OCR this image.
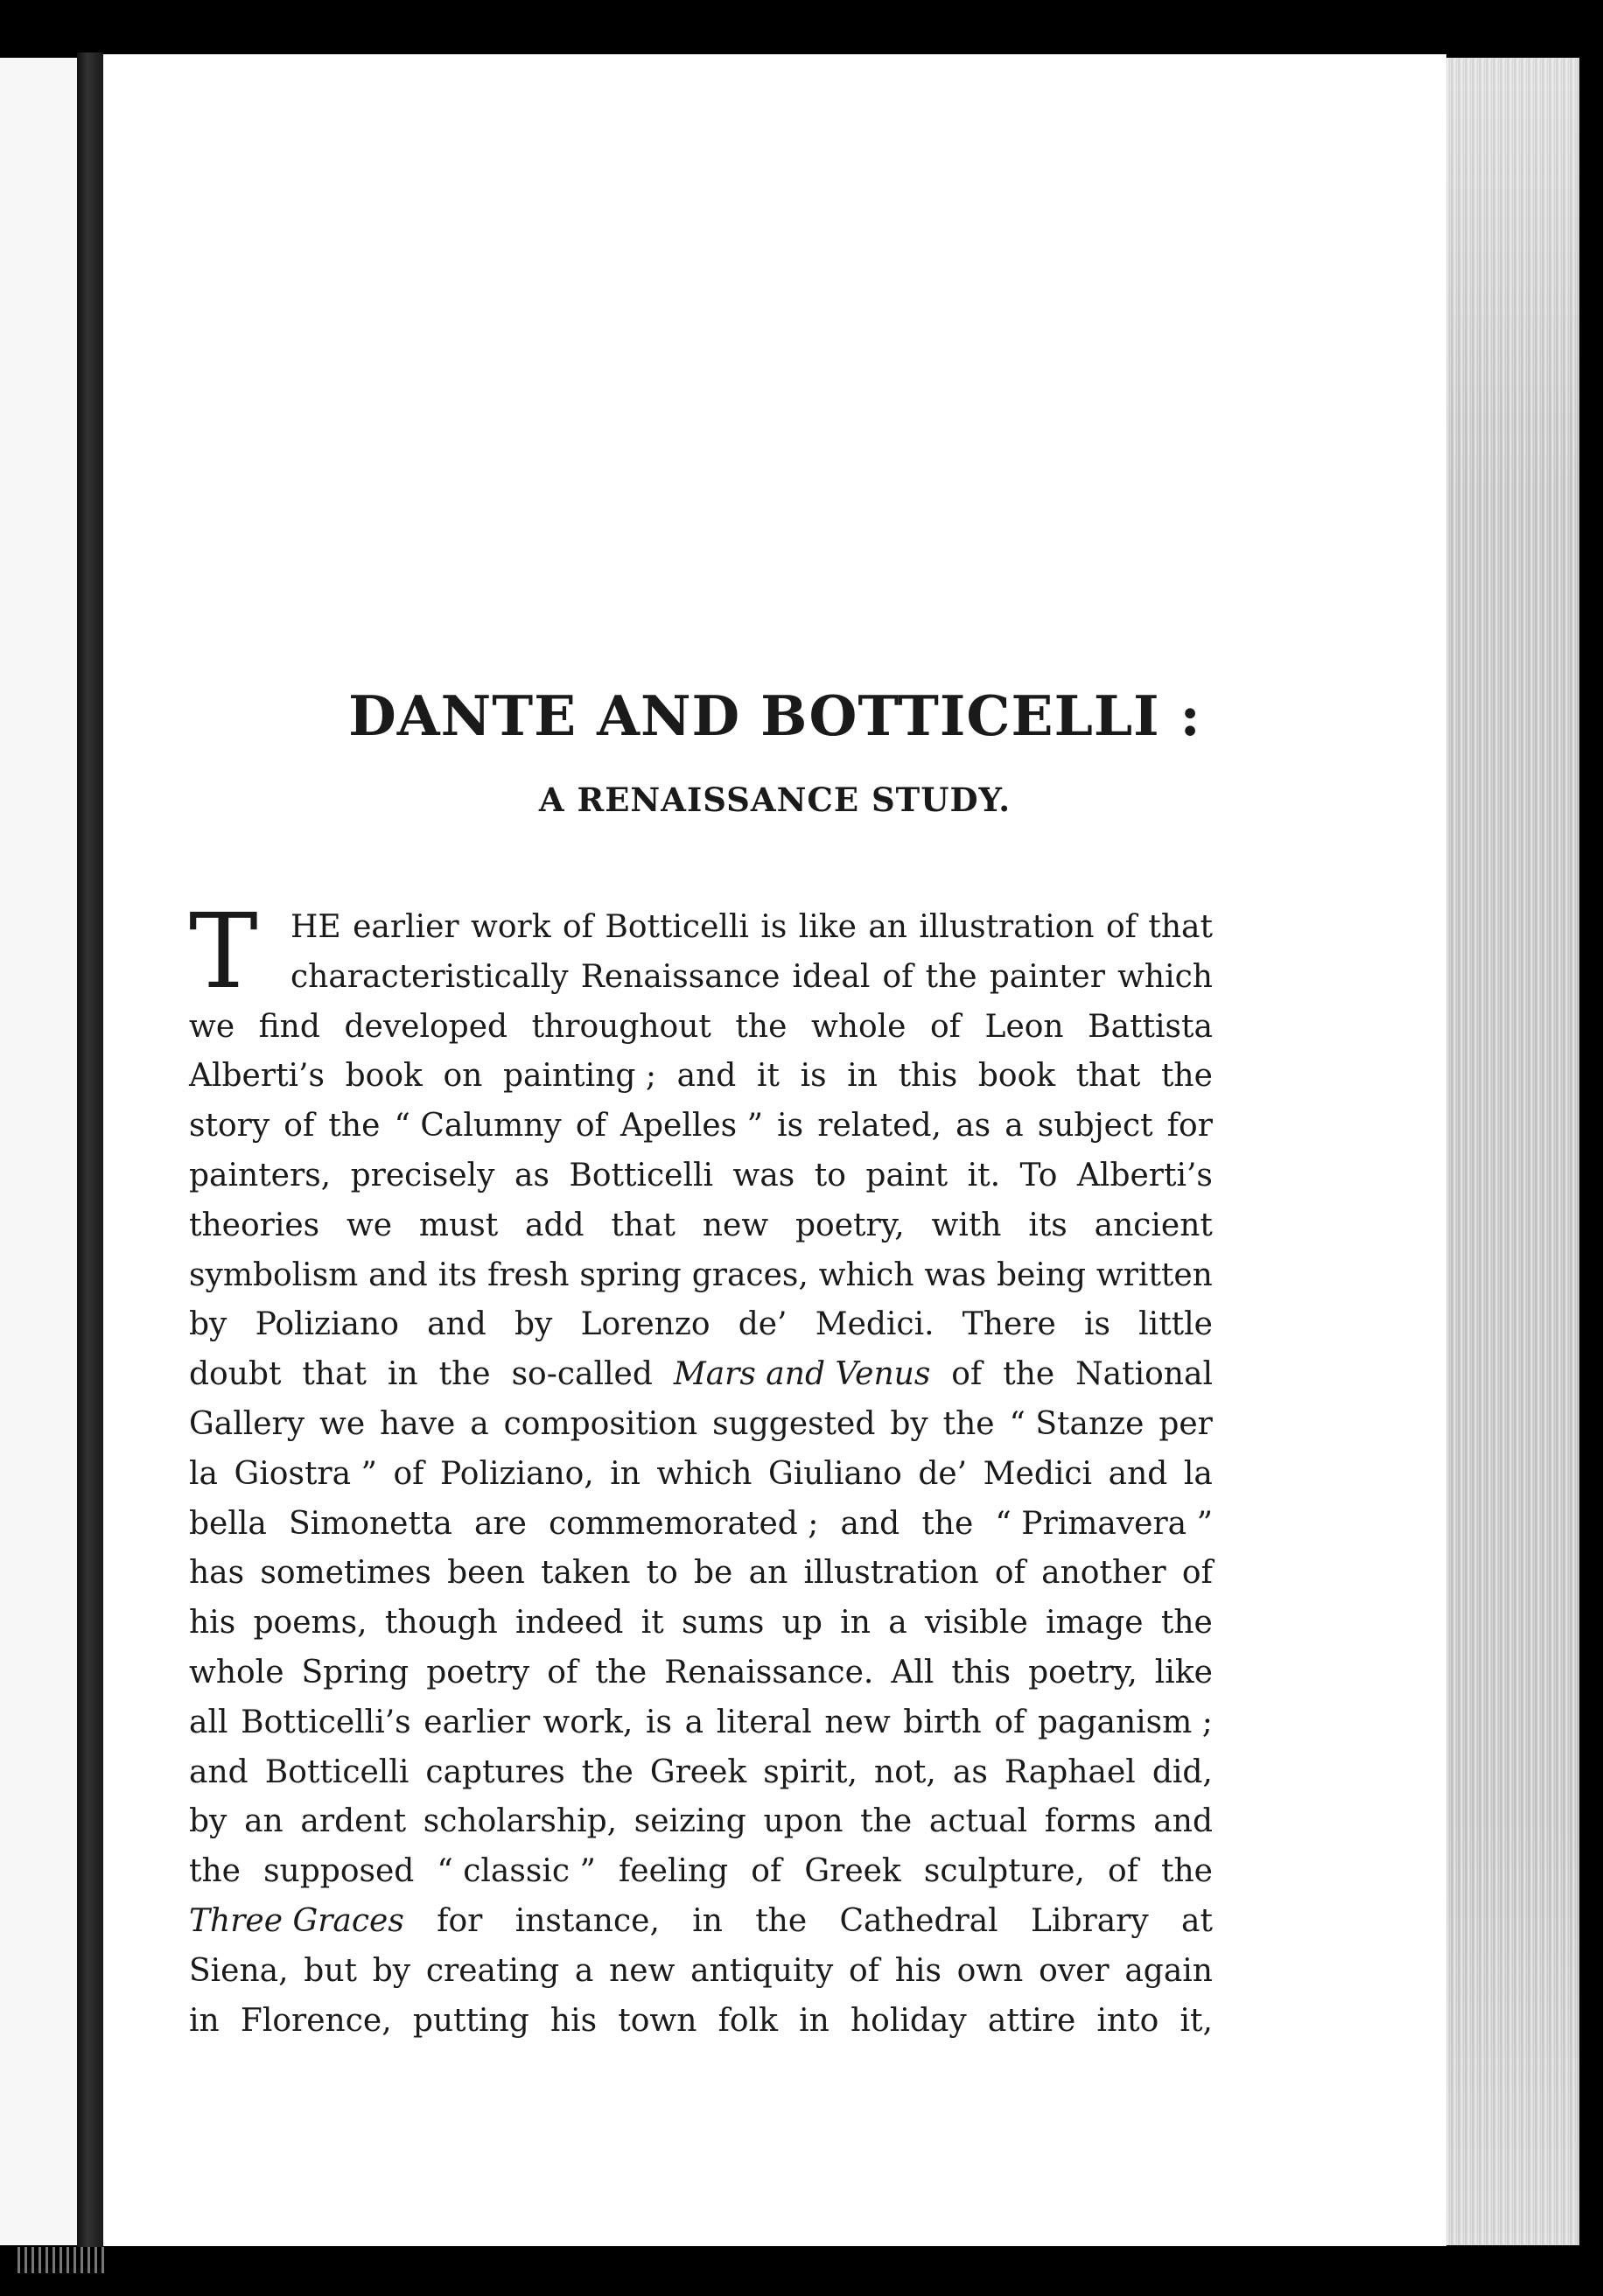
DANTE AND BOTTICELLI :
A RENAISSANCE STUDY.
T HE earlier work of Botticelli is like an illustration of that
characteristically Renaissance ideal of the painter which
we find developed throughout the whole of Leon Battista
Alberti’s book on painting ; and it is in this book that the
story of the “ Calumny of Apelles ” is related, as a subject for
painters, precisely as Botticelli was to paint it. To Alberti’s
theories we must add that new poetry, with its ancient
symbolism and its fresh spring graces, which was being written
by Poliziano and by Lorenzo de’ Medici. There is little
doubt that in the so-called Mars and Venus of the National
Gallery we have a composition suggested by the “ Stanze per
la Giostra ” of Poliziano, in which Giuliano de’ Medici and la
bella Simonetta are commemorated ; and the “ Primavera ”
has sometimes been taken to be an illustration of another of
his poems, though indeed it sums up in a visible image the
whole Spring poetry of the Renaissance. All this poetry, like
all Botticelli’s earlier work, is a literal new birth of paganism ;
and Botticelli captures the Greek spirit, not, as Raphael did,
by an ardent scholarship, seizing upon the actual forms and
the supposed “ classic ” feeling of Greek sculpture, of the
Three Graces for instance, in the Cathedral Library at
Siena, but by creating a new antiquity of his own over again
in Florence, putting his town folk in holiday attire into it,
